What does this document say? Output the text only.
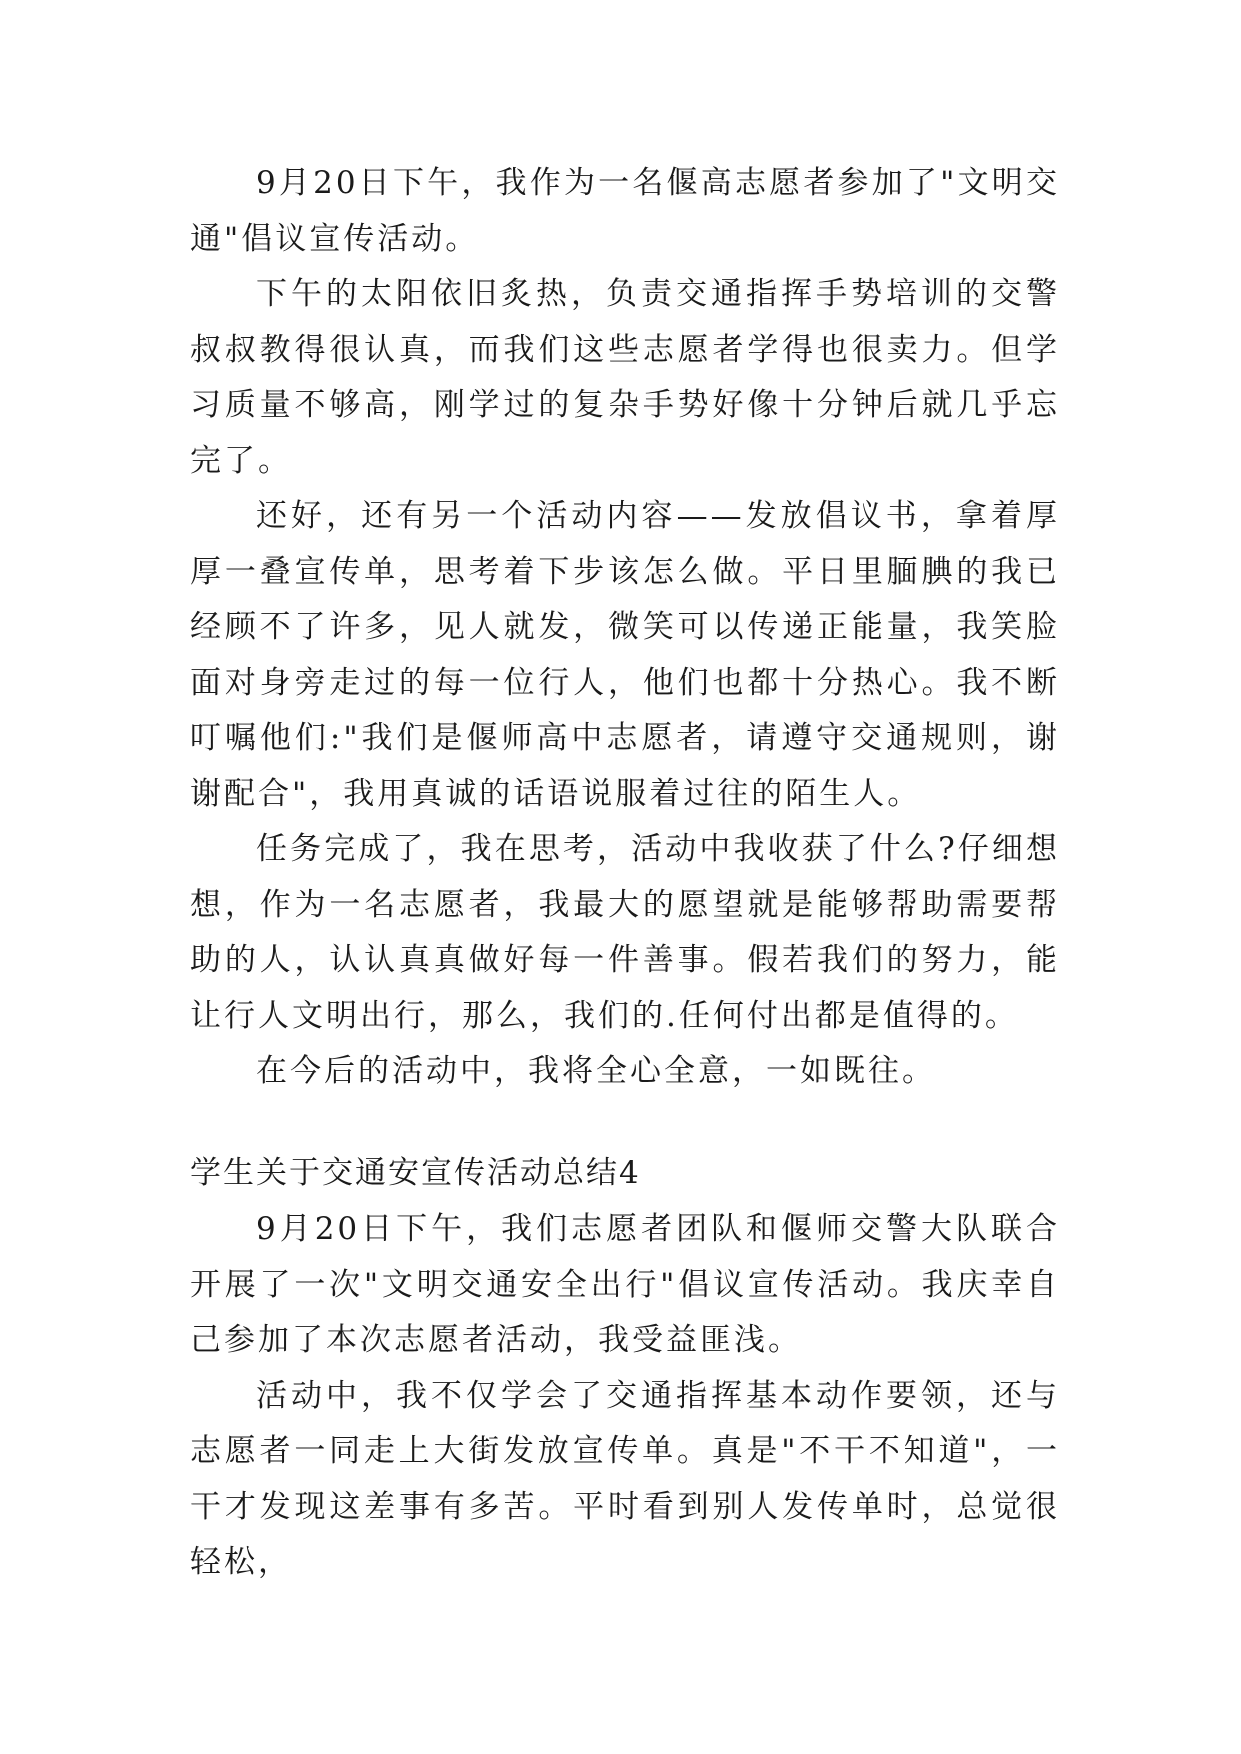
9月20日下午，我作为一名偃高志愿者参加了"文明交通"倡议宣传活动。

下午的太阳依旧炙热，负责交通指挥手势培训的交警叔叔教得很认真，而我们这些志愿者学得也很卖力。但学习质量不够高，刚学过的复杂手势好像十分钟后就几乎忘完了。

还好，还有另一个活动内容——发放倡议书，拿着厚厚一叠宣传单，思考着下步该怎么做。平日里腼腆的我已经顾不了许多，见人就发，微笑可以传递正能量，我笑脸面对身旁走过的每一位行人，他们也都十分热心。我不断叮嘱他们:"我们是偃师高中志愿者，请遵守交通规则，谢谢配合"，我用真诚的话语说服着过往的陌生人。

任务完成了，我在思考，活动中我收获了什么?仔细想想，作为一名志愿者，我最大的愿望就是能够帮助需要帮助的人，认认真真做好每一件善事。假若我们的努力，能让行人文明出行，那么，我们的.任何付出都是值得的。

在今后的活动中，我将全心全意，一如既往。

学生关于交通安宣传活动总结4

9月20日下午，我们志愿者团队和偃师交警大队联合开展了一次"文明交通安全出行"倡议宣传活动。我庆幸自己参加了本次志愿者活动，我受益匪浅。

活动中，我不仅学会了交通指挥基本动作要领，还与志愿者一同走上大街发放宣传单。真是"不干不知道"，一干才发现这差事有多苦。平时看到别人发传单时，总觉很轻松，
